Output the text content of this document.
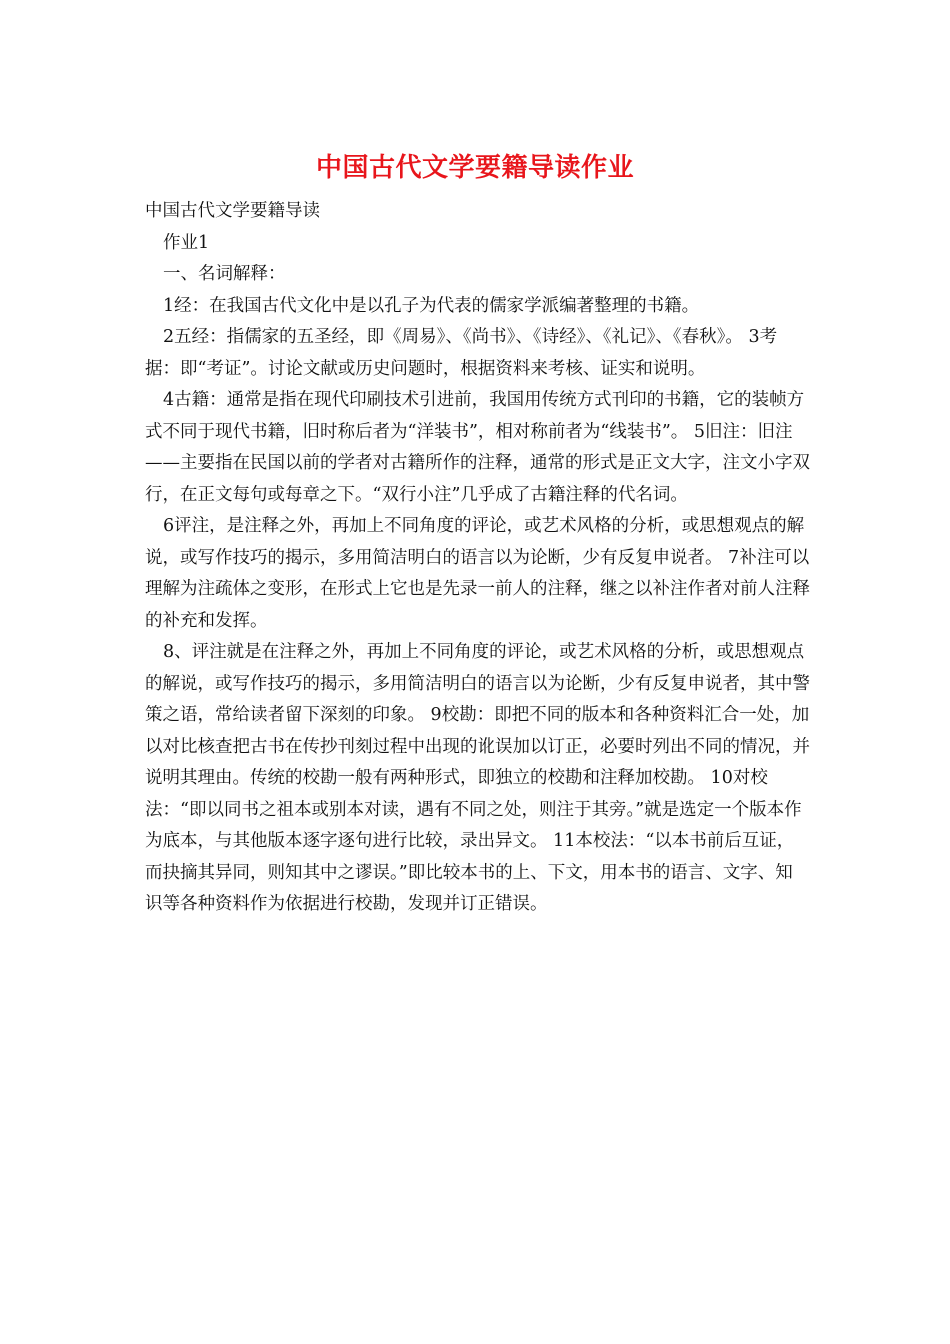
中国古代文学要籍导读作业

中国古代文学要籍导读

作业1

一、名词解释：

1经：在我国古代文化中是以孔子为代表的儒家学派编著整理的书籍。

2五经：指儒家的五圣经，即《周易》、《尚书》、《诗经》、《礼记》、《春秋》。 3考据：即“考证”。讨论文献或历史问题时，根据资料来考核、证实和说明。

4古籍：通常是指在现代印刷技术引进前，我国用传统方式刊印的书籍，它的装帧方式不同于现代书籍，旧时称后者为“洋装书”，相对称前者为“线装书”。 5旧注：旧注——主要指在民国以前的学者对古籍所作的注释，通常的形式是正文大字，注文小字双行，在正文每句或每章之下。“双行小注”几乎成了古籍注释的代名词。

6评注，是注释之外，再加上不同角度的评论，或艺术风格的分析，或思想观点的解说，或写作技巧的揭示，多用简洁明白的语言以为论断，少有反复申说者。 7补注可以理解为注疏体之变形，在形式上它也是先录一前人的注释，继之以补注作者对前人注释的补充和发挥。

8、评注就是在注释之外，再加上不同角度的评论，或艺术风格的分析，或思想观点的解说，或写作技巧的揭示，多用简洁明白的语言以为论断，少有反复申说者，其中警策之语，常给读者留下深刻的印象。 9校勘：即把不同的版本和各种资料汇合一处，加以对比核查把古书在传抄刊刻过程中出现的讹误加以订正，必要时列出不同的情况，并说明其理由。传统的校勘一般有两种形式，即独立的校勘和注释加校勘。 10对校法：“即以同书之祖本或别本对读，遇有不同之处，则注于其旁。”就是选定一个版本作为底本，与其他版本逐字逐句进行比较，录出异文。 11本校法：“以本书前后互证，而抉摘其异同，则知其中之谬误。”即比较本书的上、下文，用本书的语言、文字、知识等各种资料作为依据进行校勘，发现并订正错误。
